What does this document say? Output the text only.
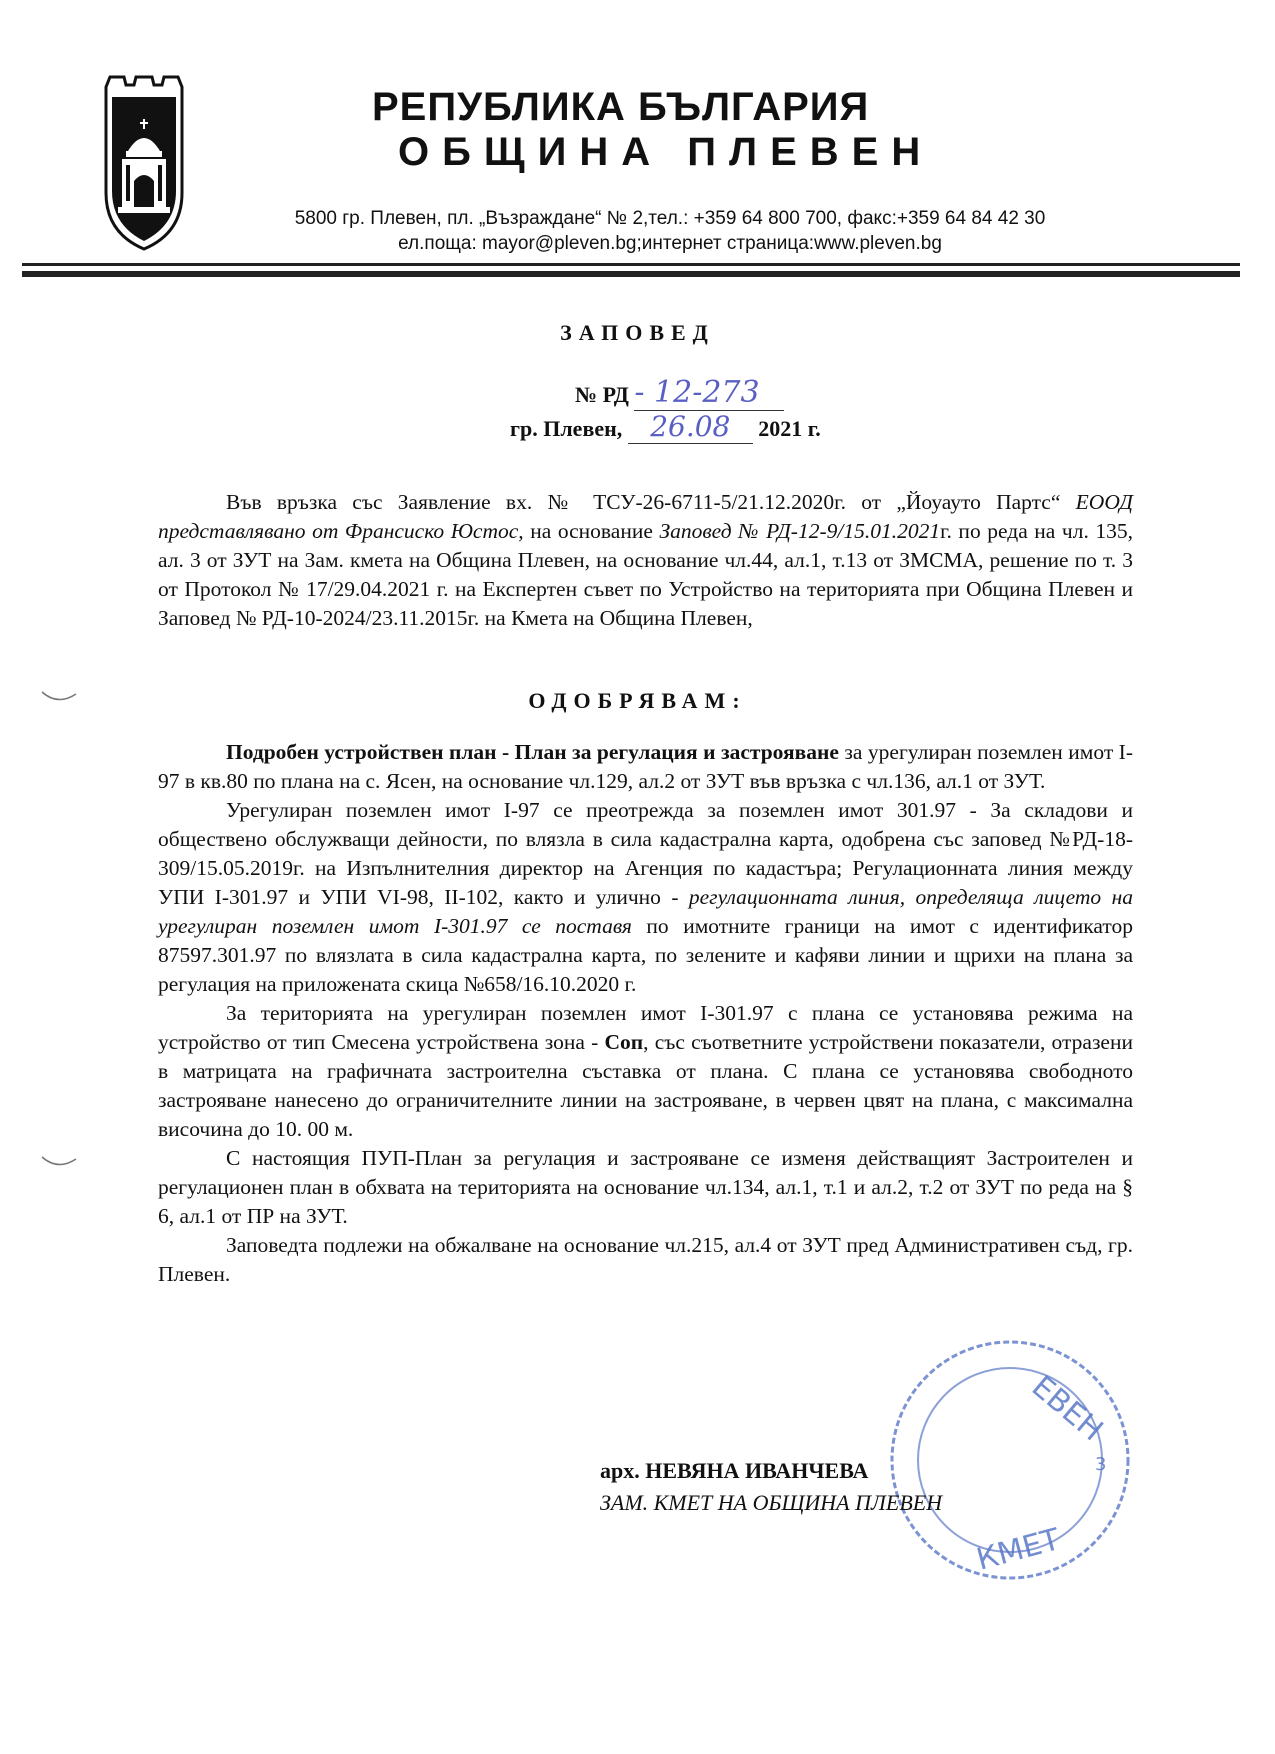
РЕПУБЛИКА БЪЛГАРИЯ
ОБЩИНА ПЛЕВЕН
5800 гр. Плевен, пл. „Възраждане“ № 2,тел.: +359 64 800 700, факс:+359 64 84 42 30
ел.поща: mayor@pleven.bg;интернет страница:www.pleven.bg
ЗАПОВЕД
№ РД - 12-273
гр. Плевен, 26.08 2021 г.

Във връзка със Заявление вх. № ТСУ-26-6711-5/21.12.2020г. от „Йоуауто Партс“ ЕООД представлявано от Франсиско Юстос, на основание Заповед № РД-12-9/15.01.2021г. по реда на чл. 135, ал. 3 от ЗУТ на Зам. кмета на Община Плевен, на основание чл.44, ал.1, т.13 от ЗМСМА, решение по т. 3 от Протокол № 17/29.04.2021 г. на Експертен съвет по Устройство на територията при Община Плевен и Заповед № РД-10-2024/23.11.2015г. на Кмета на Община Плевен,

ОДОБРЯВАМ:

Подробен устройствен план - План за регулация и застрояване за урегулиран поземлен имот I-97 в кв.80 по плана на с. Ясен, на основание чл.129, ал.2 от ЗУТ във връзка с чл.136, ал.1 от ЗУТ.

Урегулиран поземлен имот I-97 се преотрежда за поземлен имот 301.97 - За складови и обществено обслужващи дейности, по влязла в сила кадастрална карта, одобрена със заповед №РД-18-309/15.05.2019г. на Изпълнителния директор на Агенция по кадастъра; Регулационната линия между УПИ I-301.97 и УПИ VI-98, II-102, както и улично - регулационната линия, определяща лицето на урегулиран поземлен имот I-301.97 се поставя по имотните граници на имот с идентификатор 87597.301.97 по влязлата в сила кадастрална карта, по зелените и кафяви линии и щрихи на плана за регулация на приложената скица №658/16.10.2020 г.

За територията на урегулиран поземлен имот I-301.97 с плана се установява режима на устройство от тип Смесена устройствена зона - Соп, със съответните устройствени показатели, отразени в матрицата на графичната застроителна съставка от плана. С плана се установява свободното застрояване нанесено до ограничителните линии на застрояване, в червен цвят на плана, с максимална височина до 10. 00 м.

С настоящия ПУП-План за регулация и застрояване се изменя действащият Застроителен и регулационен план в обхвата на територията на основание чл.134, ал.1, т.1 и ал.2, т.2 от ЗУТ по реда на § 6, ал.1 от ПР на ЗУТ.

Заповедта подлежи на обжалване на основание чл.215, ал.4 от ЗУТ пред Административен съд, гр. Плевен.

ЕВЕН
КМЕТ
3
арх. НЕВЯНА ИВАНЧЕВА
ЗАМ. КМЕТ НА ОБЩИНА ПЛЕВЕН
